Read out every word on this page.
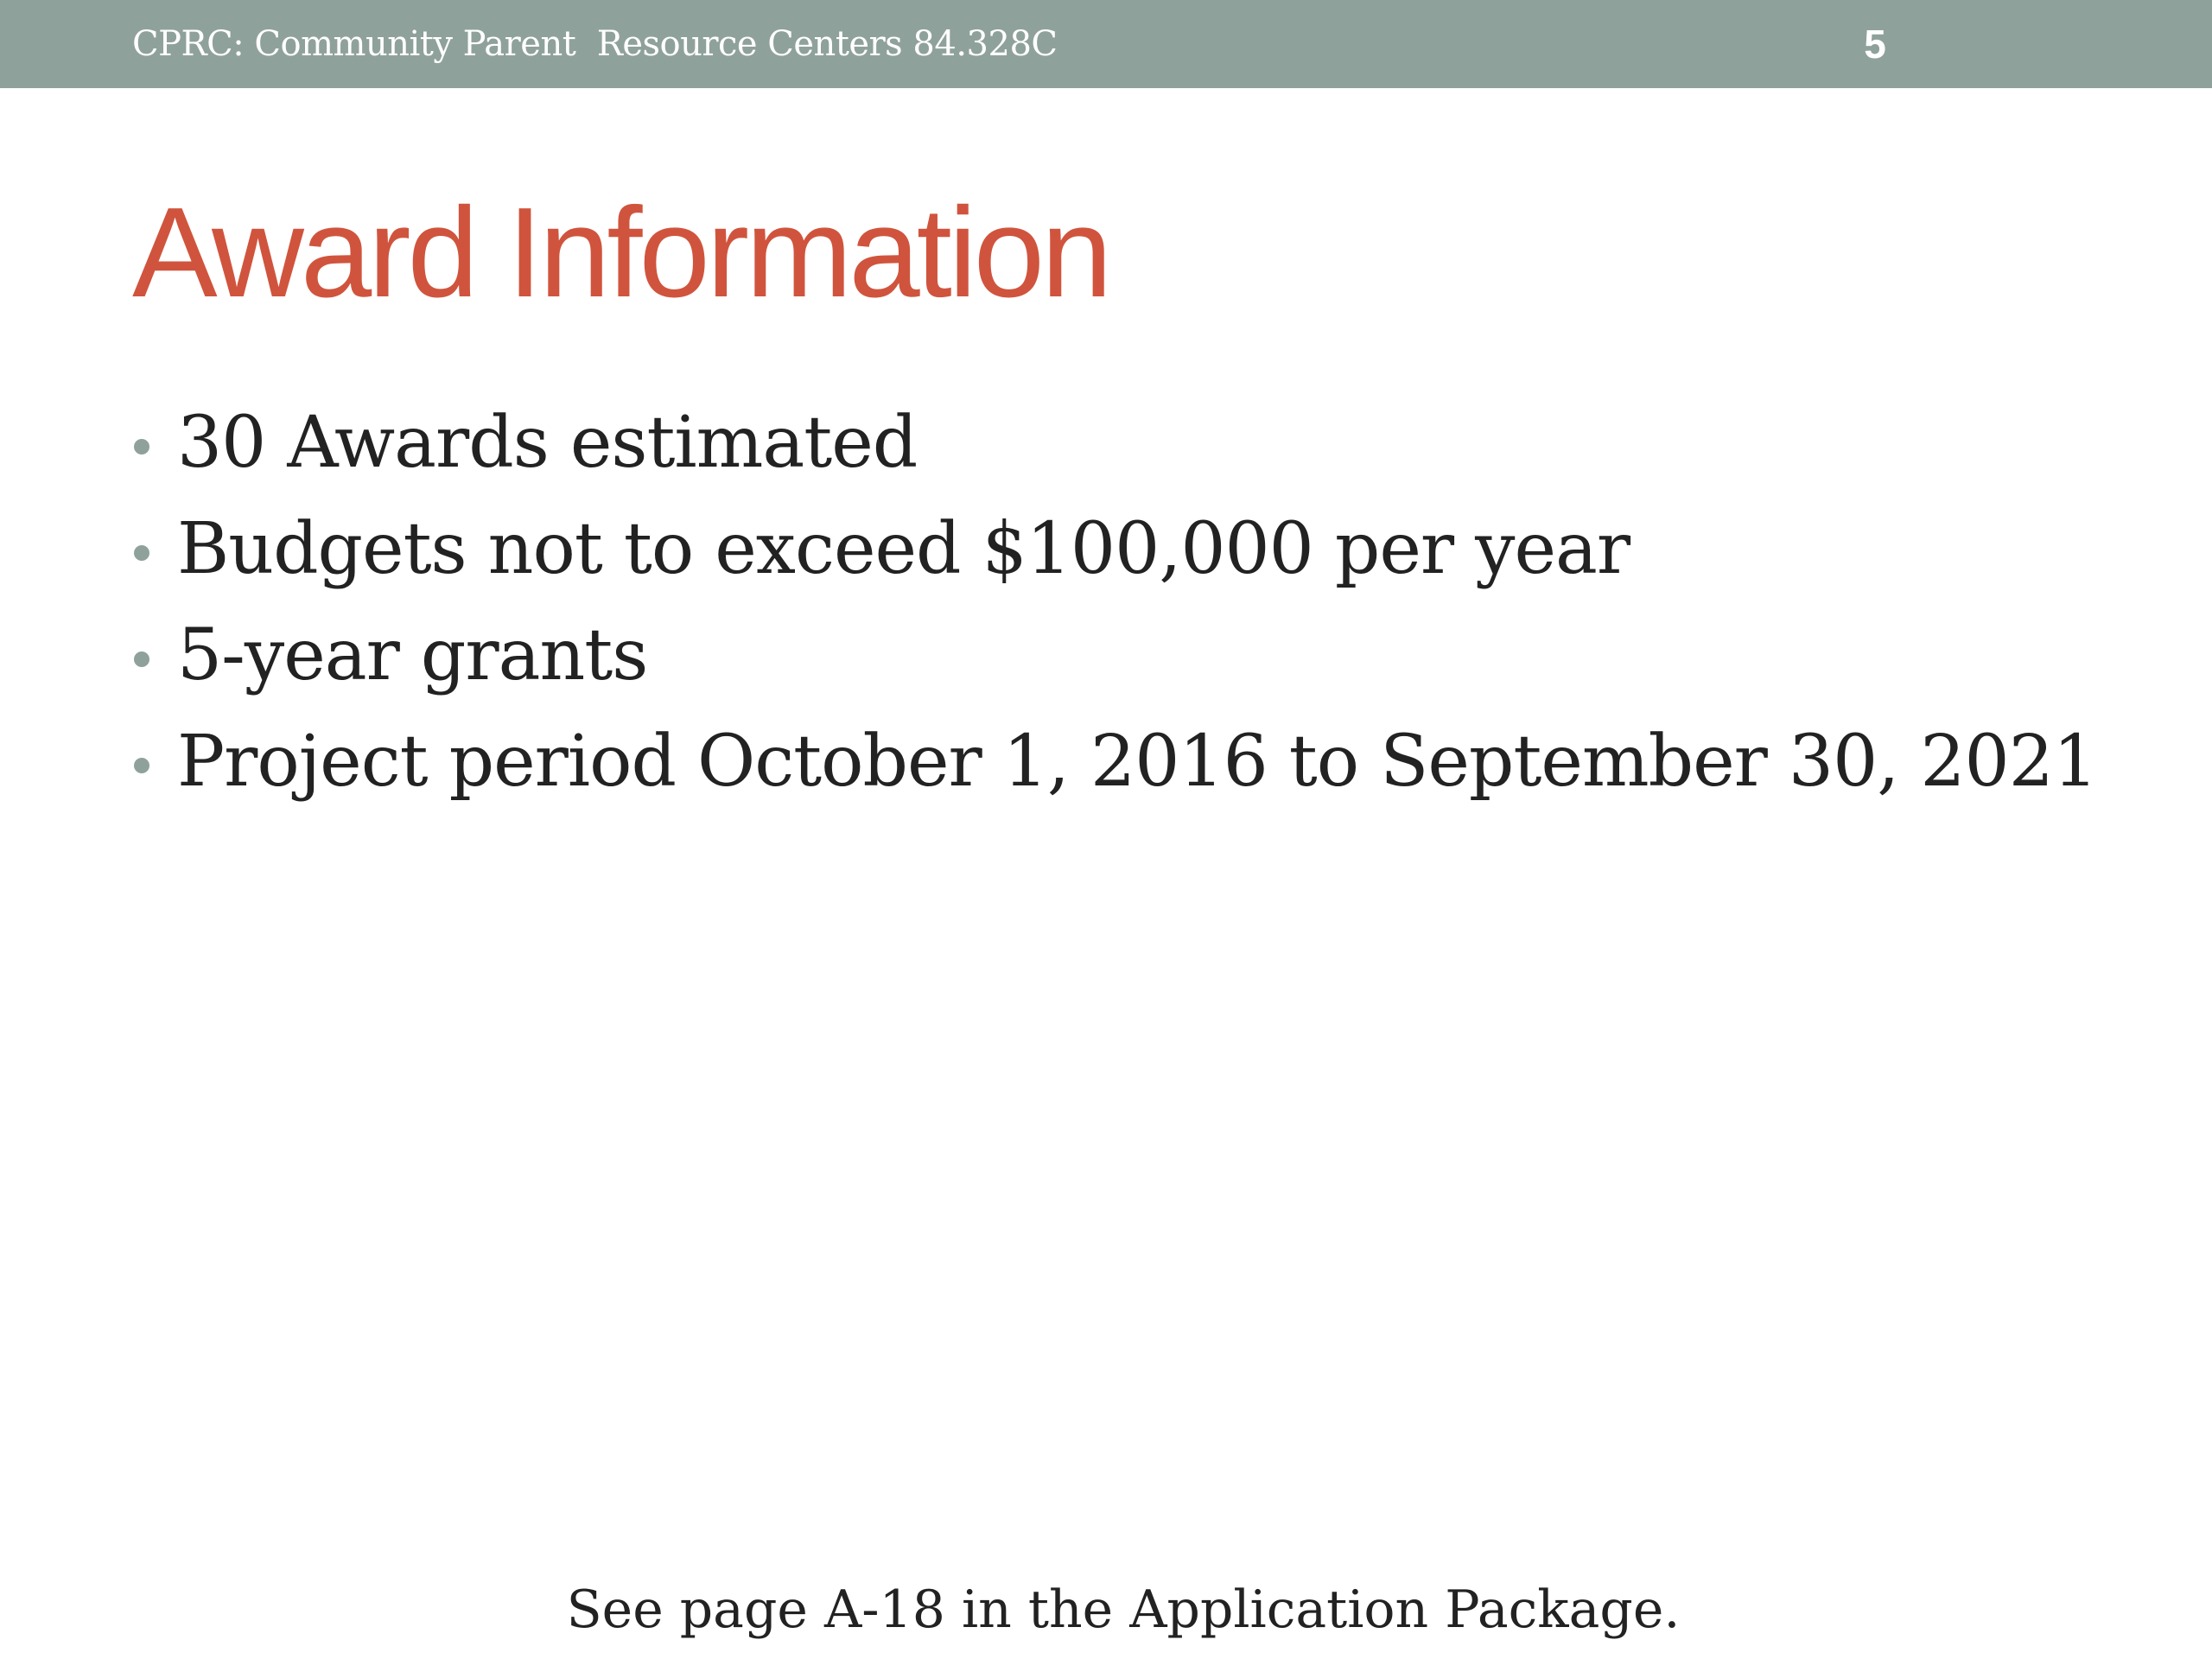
CPRC: Community Parent  Resource Centers 84.328C	5
Award Information
30 Awards estimated
Budgets not to exceed $100,000 per year
5-year grants
Project period October 1, 2016 to September 30, 2021
See page A-18 in the Application Package.
